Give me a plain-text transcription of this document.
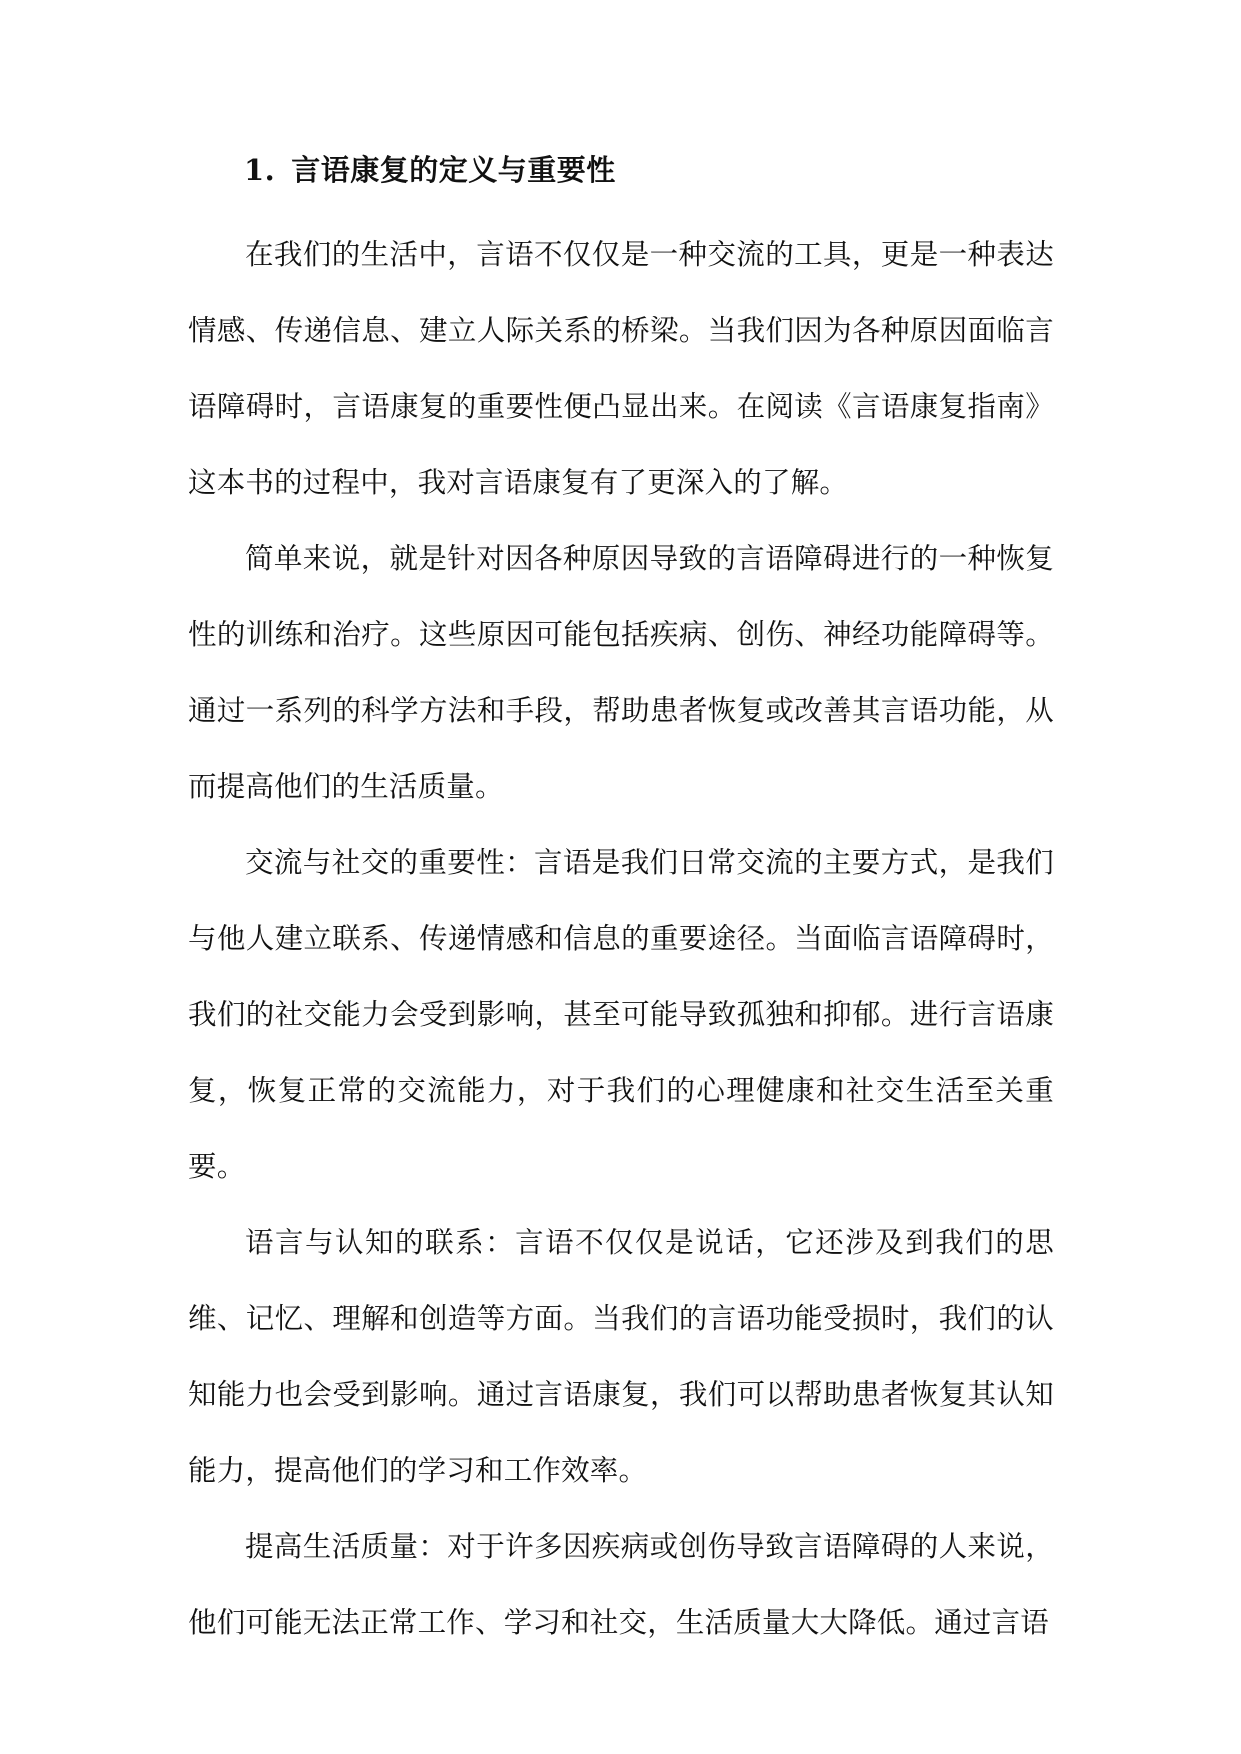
1. 言语康复的定义与重要性

在我们的生活中，言语不仅仅是一种交流的工具，更是一种表达情感、传递信息、建立人际关系的桥梁。当我们因为各种原因面临言语障碍时，言语康复的重要性便凸显出来。在阅读《言语康复指南》这本书的过程中，我对言语康复有了更深入的了解。

简单来说，就是针对因各种原因导致的言语障碍进行的一种恢复性的训练和治疗。这些原因可能包括疾病、创伤、神经功能障碍等。通过一系列的科学方法和手段，帮助患者恢复或改善其言语功能，从而提高他们的生活质量。

交流与社交的重要性：言语是我们日常交流的主要方式，是我们与他人建立联系、传递情感和信息的重要途径。当面临言语障碍时，我们的社交能力会受到影响，甚至可能导致孤独和抑郁。进行言语康复，恢复正常的交流能力，对于我们的心理健康和社交生活至关重要。

语言与认知的联系：言语不仅仅是说话，它还涉及到我们的思维、记忆、理解和创造等方面。当我们的言语功能受损时，我们的认知能力也会受到影响。通过言语康复，我们可以帮助患者恢复其认知能力，提高他们的学习和工作效率。

提高生活质量：对于许多因疾病或创伤导致言语障碍的人来说，他们可能无法正常工作、学习和社交，生活质量大大降低。通过言语
